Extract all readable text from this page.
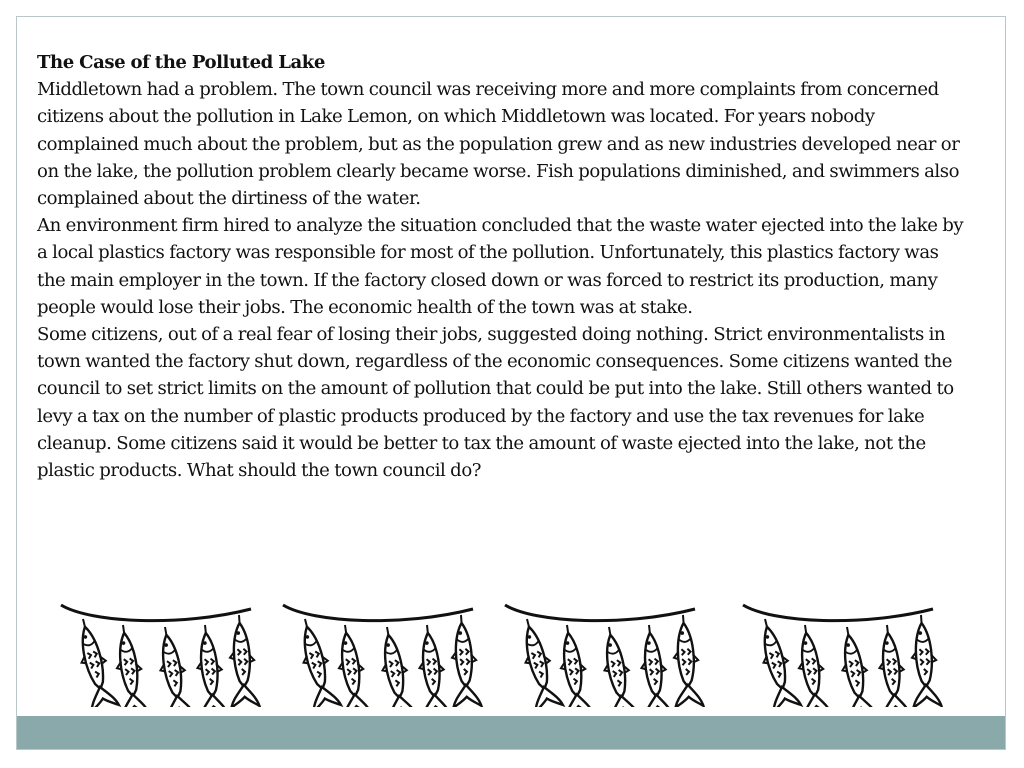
The Case of the Polluted Lake

Middletown had a problem. The town council was receiving more and more complaints from concerned citizens about the pollution in Lake Lemon, on which Middletown was located. For years nobody complained much about the problem, but as the population grew and as new industries developed near or on the lake, the pollution problem clearly became worse. Fish populations diminished, and swimmers also complained about the dirtiness of the water.

An environment firm hired to analyze the situation concluded that the waste water ejected into the lake by a local plastics factory was responsible for most of the pollution. Unfortunately, this plastics factory was the main employer in the town. If the factory closed down or was forced to restrict its production, many people would lose their jobs. The economic health of the town was at stake.

Some citizens, out of a real fear of losing their jobs, suggested doing nothing. Strict environmentalists in town wanted the factory shut down, regardless of the economic consequences. Some citizens wanted the council to set strict limits on the amount of pollution that could be put into the lake. Still others wanted to levy a tax on the number of plastic products produced by the factory and use the tax revenues for lake cleanup. Some citizens said it would be better to tax the amount of waste ejected into the lake, not the plastic products. What should the town council do?
